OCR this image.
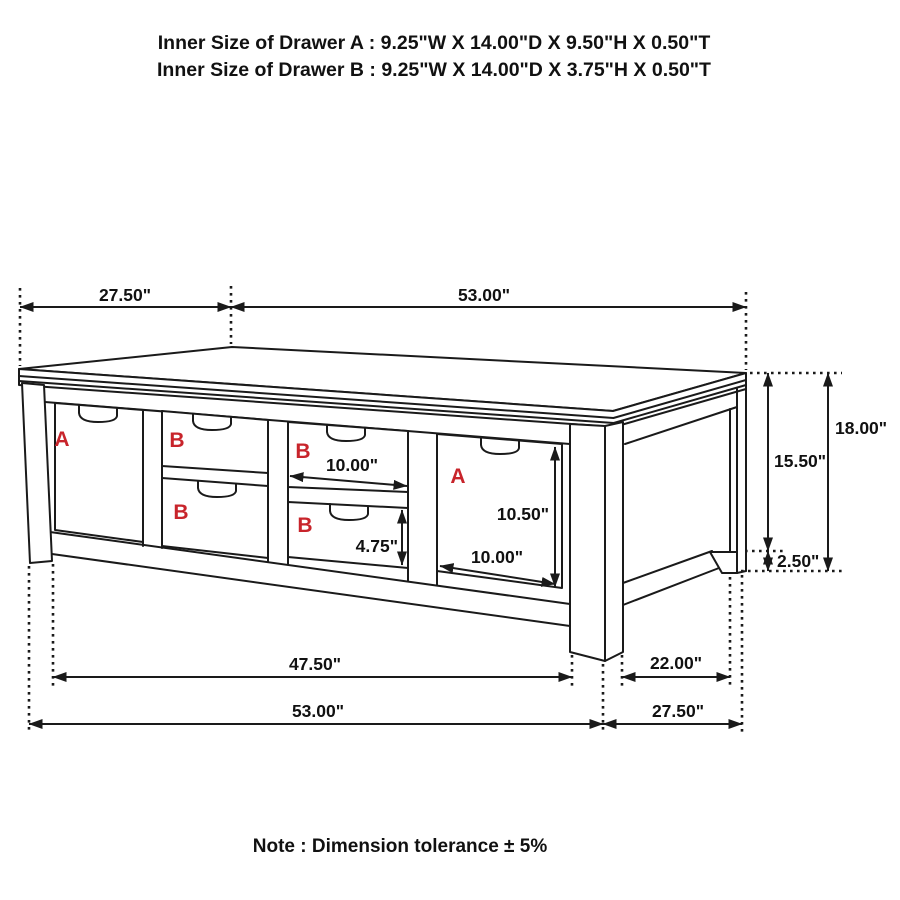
Inner Size of Drawer A : 9.25"W X 14.00"D X 9.50"H X 0.50"T
Inner Size of Drawer B : 9.25"W X 14.00"D X 3.75"H X 0.50"T
27.50"	53.00"
18.00"
15.50"
2.50"
10.00"
4.75"
10.50"
10.00"
47.50"	22.00"
53.00"	27.50"
A	B
B
B
B
A
Note : Dimension tolerance ± 5%
